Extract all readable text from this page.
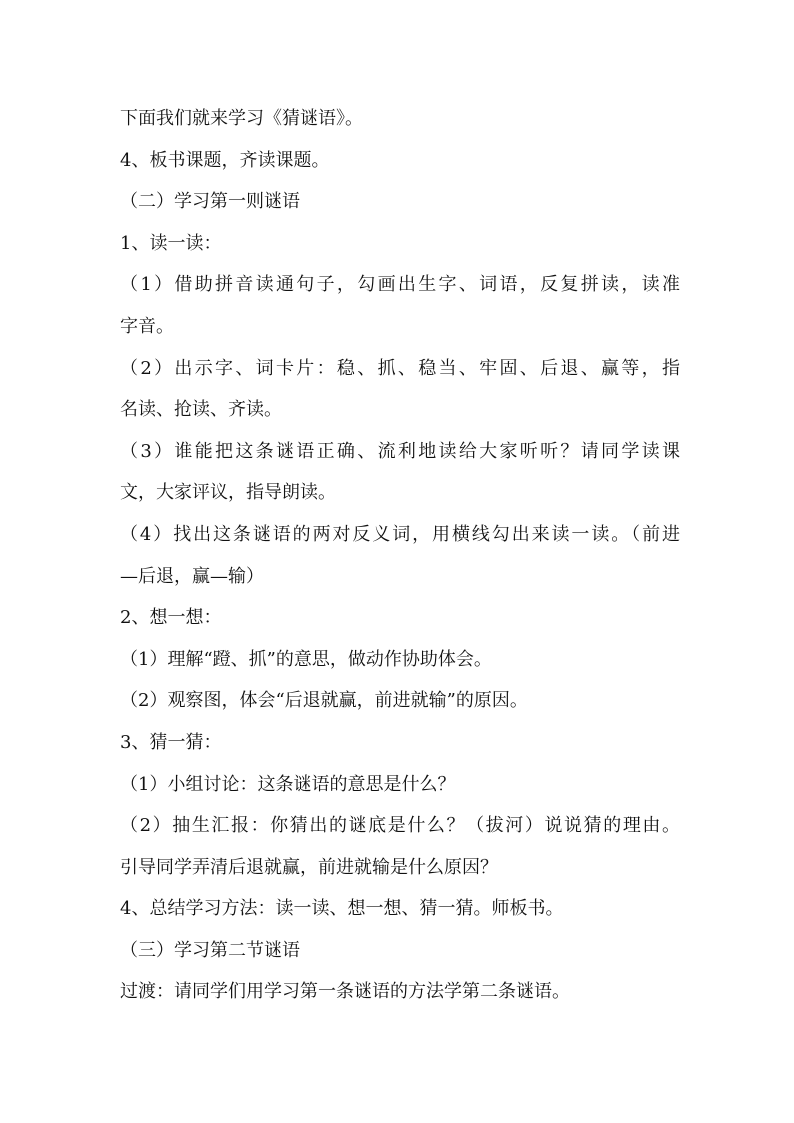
下面我们就来学习《猜谜语》。
4、板书课题，齐读课题。
（二）学习第一则谜语
1、读一读：
（1）借助拼音读通句子，勾画出生字、词语，反复拼读，读准
字音。
（2）出示字、词卡片：稳、抓、稳当、牢固、后退、赢等，指
名读、抢读、齐读。
（3）谁能把这条谜语正确、流利地读给大家听听？请同学读课
文，大家评议，指导朗读。
（4）找出这条谜语的两对反义词，用横线勾出来读一读。（前进
—后退，赢—输）
2、想一想：
（1）理解“蹬、抓”的意思，做动作协助体会。
（2）观察图，体会“后退就赢，前进就输”的原因。
3、猜一猜：
（1）小组讨论：这条谜语的意思是什么？
（2）抽生汇报：你猜出的谜底是什么？（拔河）说说猜的理由。
引导同学弄清后退就赢，前进就输是什么原因？
4、总结学习方法：读一读、想一想、猜一猜。师板书。
（三）学习第二节谜语
过渡：请同学们用学习第一条谜语的方法学第二条谜语。
